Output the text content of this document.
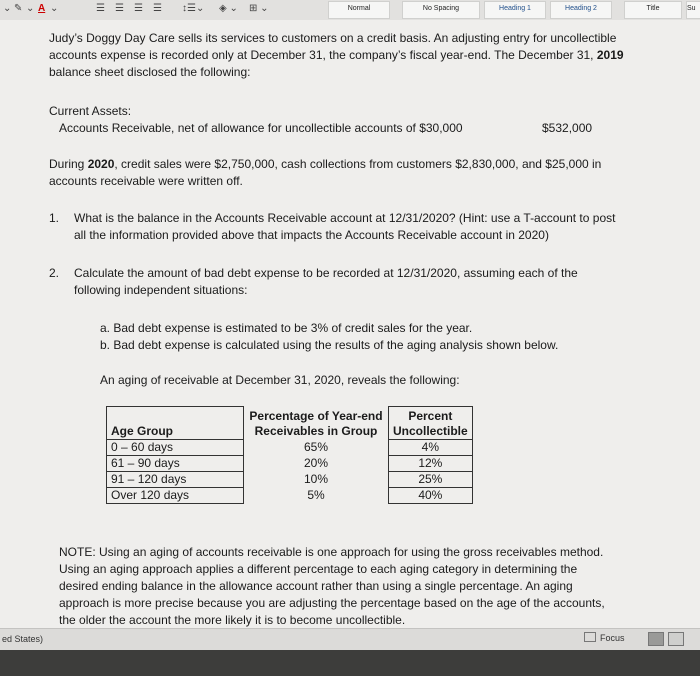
⌄ ✎ ⌄ A ⌄	☰ ☰ ☰ ☰ ↕☰⌄ ◈ ⌄ ⊞ ⌄	Normal	No Spacing	Heading 1	Heading 2	Title	Su
Judy’s Doggy Day Care sells its services to customers on a credit basis. An adjusting entry for uncollectible accounts expense is recorded only at December 31, the company’s fiscal year-end. The December 31, 2019 balance sheet disclosed the following:
Current Assets:
Accounts Receivable, net of allowance for uncollectible accounts of $30,000	$532,000
During 2020, credit sales were $2,750,000, cash collections from customers $2,830,000, and $25,000 in accounts receivable were written off.
1. What is the balance in the Accounts Receivable account at 12/31/2020? (Hint: use a T-account to post all the information provided above that impacts the Accounts Receivable account in 2020)
2. Calculate the amount of bad debt expense to be recorded at 12/31/2020, assuming each of the following independent situations:
a. Bad debt expense is estimated to be 3% of credit sales for the year.
b. Bad debt expense is calculated using the results of the aging analysis shown below.
An aging of receivable at December 31, 2020, reveals the following:
Age Group	Percentage of Year-end Receivables in Group	Percent Uncollectible
0 – 60 days	65%	4%
61 – 90 days	20%	12%
91 – 120 days	10%	25%
Over 120 days	5%	40%
NOTE: Using an aging of accounts receivable is one approach for using the gross receivables method. Using an aging approach applies a different percentage to each aging category in determining the desired ending balance in the allowance account rather than using a single percentage. An aging approach is more precise because you are adjusting the percentage based on the age of the accounts, the older the account the more likely it is to become uncollectible.
ed States)	Focus
